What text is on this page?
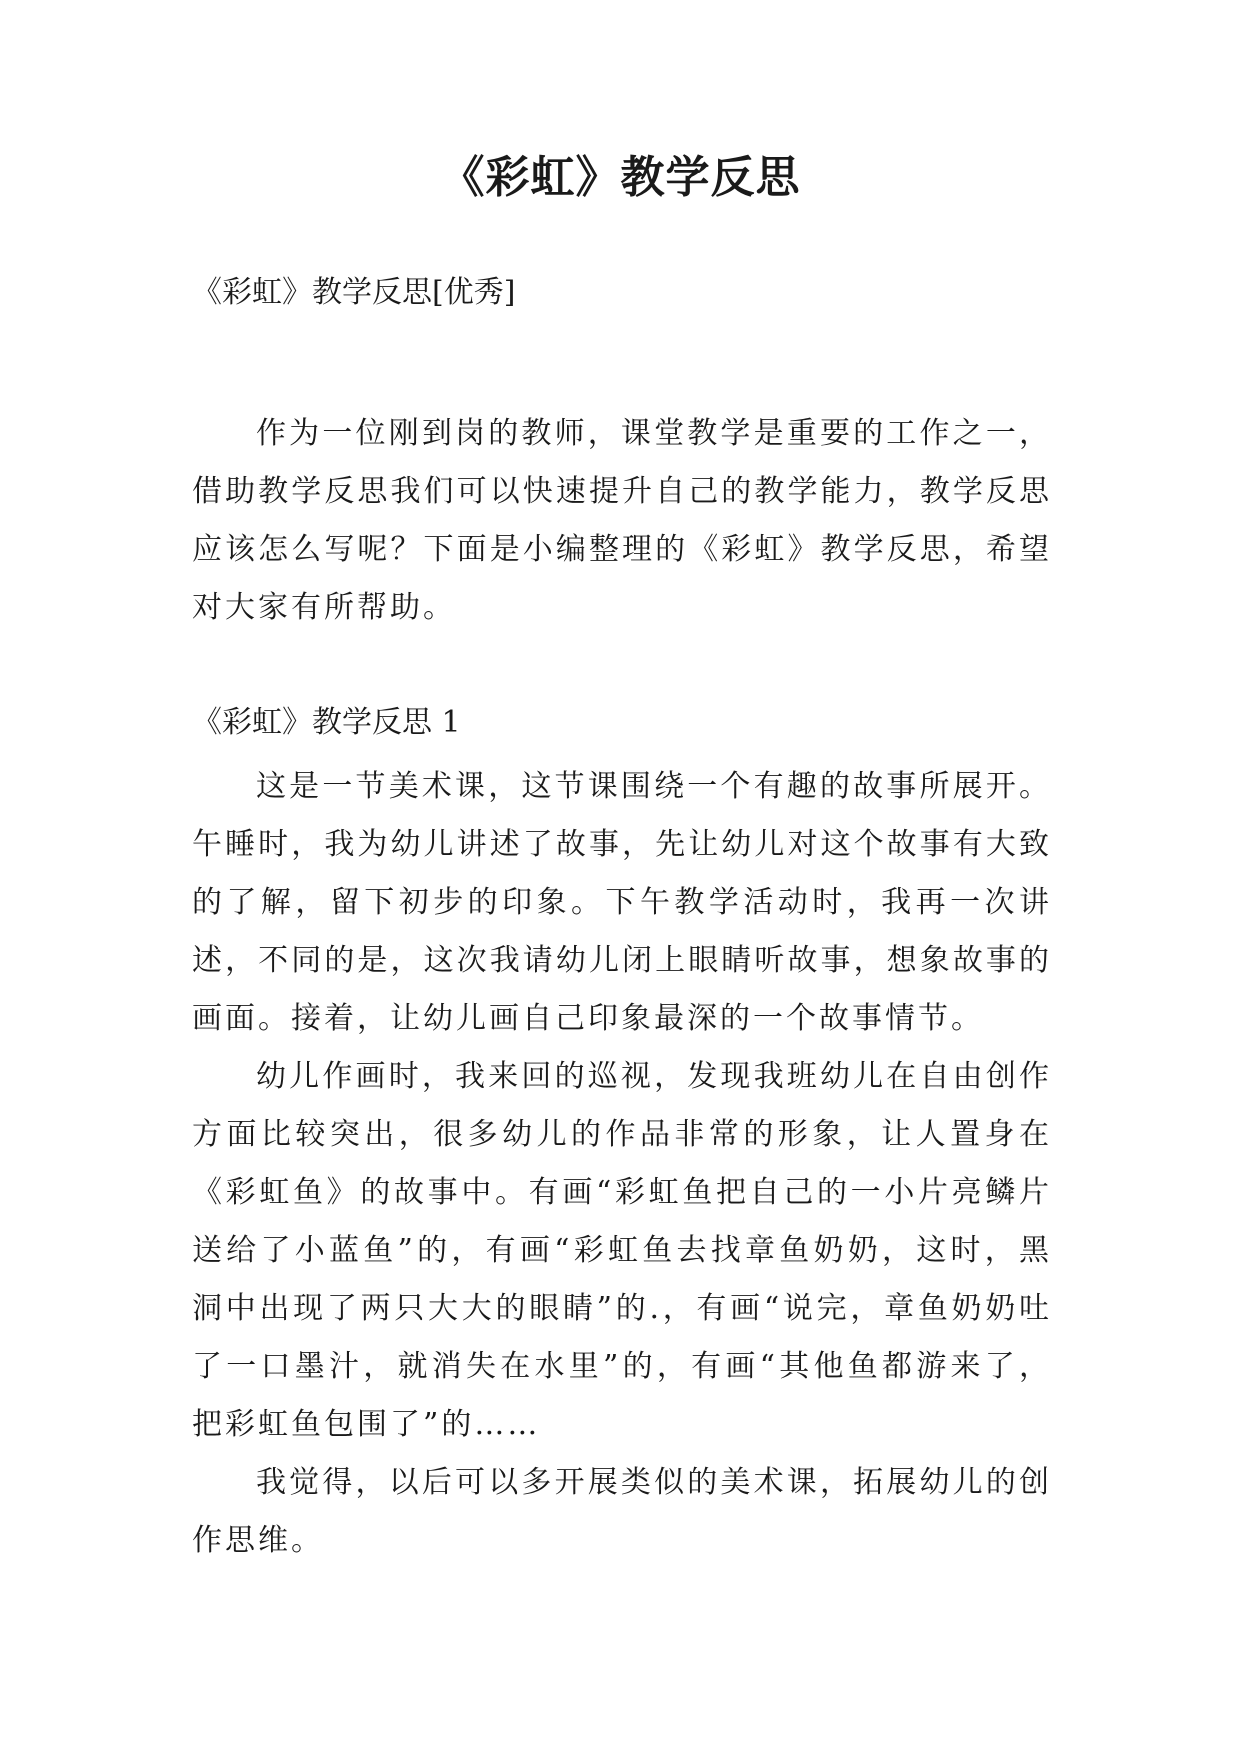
《彩虹》教学反思
《彩虹》教学反思[优秀]

作为一位刚到岗的教师，课堂教学是重要的工作之一，借助教学反思我们可以快速提升自己的教学能力，教学反思应该怎么写呢？下面是小编整理的《彩虹》教学反思，希望对大家有所帮助。

《彩虹》教学反思 1

这是一节美术课，这节课围绕一个有趣的故事所展开。午睡时，我为幼儿讲述了故事，先让幼儿对这个故事有大致的了解，留下初步的印象。下午教学活动时，我再一次讲述，不同的是，这次我请幼儿闭上眼睛听故事，想象故事的画面。接着，让幼儿画自己印象最深的一个故事情节。

幼儿作画时，我来回的巡视，发现我班幼儿在自由创作方面比较突出，很多幼儿的作品非常的形象，让人置身在《彩虹鱼》的故事中。有画“彩虹鱼把自己的一小片亮鳞片送给了小蓝鱼”的，有画“彩虹鱼去找章鱼奶奶，这时，黑洞中出现了两只大大的眼睛”的.，有画“说完，章鱼奶奶吐了一口墨汁，就消失在水里”的，有画“其他鱼都游来了，把彩虹鱼包围了”的……

我觉得，以后可以多开展类似的美术课，拓展幼儿的创作思维。
